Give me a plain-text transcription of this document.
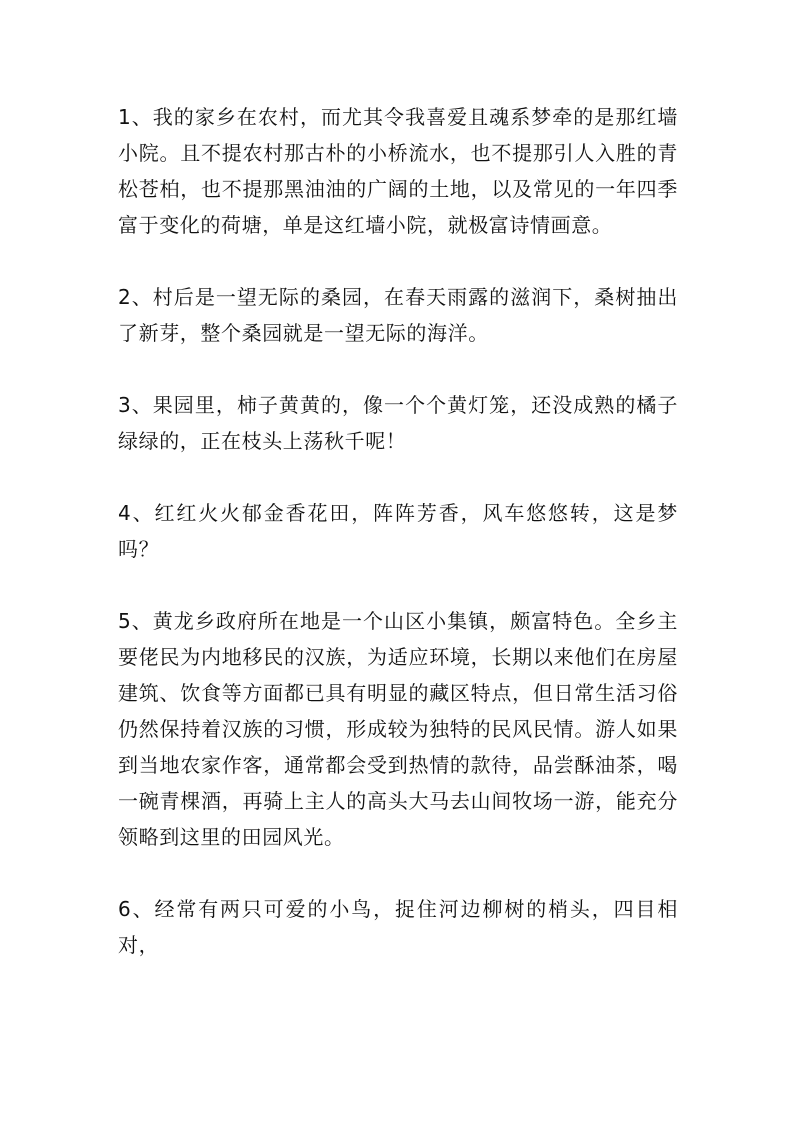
1、我的家乡在农村，而尤其令我喜爱且魂系梦牵的是那红墙小院。且不提农村那古朴的小桥流水，也不提那引人入胜的青松苍柏，也不提那黑油油的广阔的土地，以及常见的一年四季富于变化的荷塘，单是这红墙小院，就极富诗情画意。

2、村后是一望无际的桑园，在春天雨露的滋润下，桑树抽出了新芽，整个桑园就是一望无际的海洋。

3、果园里，柿子黄黄的，像一个个黄灯笼，还没成熟的橘子绿绿的，正在枝头上荡秋千呢！

4、红红火火郁金香花田，阵阵芳香，风车悠悠转，这是梦吗？

5、黄龙乡政府所在地是一个山区小集镇，颇富特色。全乡主要佬民为内地移民的汉族，为适应环境，长期以来他们在房屋建筑、饮食等方面都已具有明显的藏区特点，但日常生活习俗仍然保持着汉族的习惯，形成较为独特的民风民情。游人如果到当地农家作客，通常都会受到热情的款待，品尝酥油茶，喝一碗青棵酒，再骑上主人的高头大马去山间牧场一游，能充分领略到这里的田园风光。

6、经常有两只可爱的小鸟，捉住河边柳树的梢头，四目相对，
